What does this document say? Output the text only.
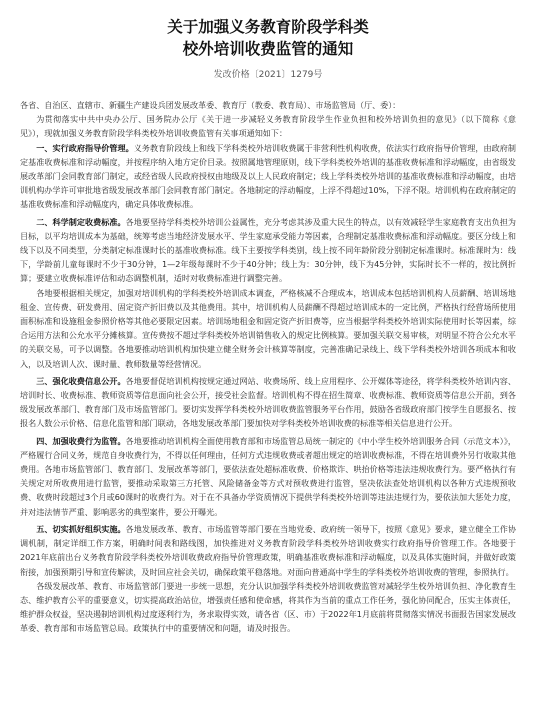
关于加强义务教育阶段学科类
校外培训收费监管的通知
发改价格〔2021〕1279号

各省、自治区、直辖市、新疆生产建设兵团发展改革委、教育厅（教委、教育局）、市场监管局（厅、委）：

为贯彻落实中共中央办公厅、国务院办公厅《关于进一步减轻义务教育阶段学生作业负担和校外培训负担的意见》（以下简称《意见》），现就加强义务教育阶段学科类校外培训收费监管有关事项通知如下：

一、实行政府指导价管理。义务教育阶段线上和线下学科类校外培训收费属于非营利性机构收费，依法实行政府指导价管理，由政府制定基准收费标准和浮动幅度，并按程序纳入地方定价目录。按照属地管理原则，线下学科类校外培训的基准收费标准和浮动幅度，由省级发展改革部门会同教育部门制定，或经省级人民政府授权由地级及以上人民政府制定；线上学科类校外培训的基准收费标准和浮动幅度，由培训机构办学许可审批地省级发展改革部门会同教育部门制定。各地制定的浮动幅度，上浮不得超过10%，下浮不限。培训机构在政府制定的基准收费标准和浮动幅度内，确定具体收费标准。

二、科学制定收费标准。各地要坚持学科类校外培训公益属性，充分考虑其涉及重大民生的特点，以有效减轻学生家庭教育支出负担为目标，以平均培训成本为基础，统筹考虑当地经济发展水平、学生家庭承受能力等因素，合理制定基准收费标准和浮动幅度。要区分线上和线下以及不同类型，分类制定标准课时长的基准收费标准。线下主要按学科类别，线上按不同年龄阶段分别制定标准课时。标准课时为：线下，学龄前儿童每课时不少于30分钟，1—2年级每课时不少于40分钟；线上为：30分钟，线下为45分钟，实际时长不一样的，按比例折算；要建立收费标准评估和动态调整机制，适时对收费标准进行调整完善。

各地要根据相关规定，加强对培训机构的学科类校外培训成本调查，严格核减不合理成本，培训成本包括培训机构人员薪酬、培训场地租金、宣传费、研发费用、固定资产折旧费以及其他费用。其中，培训机构人员薪酬不得超过培训成本的一定比例，严格执行经营场所使用面积标准和设施租金参照价格等其他必要限定因素。培训场地租金和固定资产折旧费等，应当根据学科类校外培训实际使用时长等因素，综合运用方法和公允水平分摊核算。宣传费按不超过学科类校外培训销售收入的规定比例核算。要加强关联交易审核，对明显不符合公允水平的关联交易，可予以调整。各地要推动培训机构加快建立健全财务会计核算等制度，完善准确记录线上、线下学科类校外培训各项成本和收入，以及培训人次、课时量、教师数量等经营情况。

三、强化收费信息公开。各地要督促培训机构按规定通过网站、收费场所、线上应用程序、公开媒体等途径，将学科类校外培训内容、培训时长、收费标准、教师资质等信息面向社会公开，接受社会监督。培训机构不得在招生简章、收费标准、教师资质等信息公开前，到各级发展改革部门、教育部门及市场监管部门。要切实发挥学科类校外培训收费监管服务平台作用，鼓励各省级政府部门按学生自愿报名、按报名人数公示价格、信息化监管和部门联动，各地发展改革部门要加快对学科类校外培训收费的标准等相关信息进行公开。

四、加强收费行为监管。各地要推动培训机构全面使用教育部和市场监管总局统一制定的《中小学生校外培训服务合同（示范文本）》，严格履行合同义务，规范自身收费行为，不得以任何理由，任何方式违规收费或者超出规定的培训收费标准，不得在培训费外另行收取其他费用。各地市场监管部门、教育部门、发展改革等部门，要依法查处超标准收费、价格欺诈、哄抬价格等违法违规收费行为。要严格执行有关规定对所收费用进行监管，要推动采取第三方托管、风险储备金等方式对预收费进行监管，坚决依法查处培训机构以各种方式违规预收费、收费时段超过3个月或60课时的收费行为。对于在不具备办学资质情况下提供学科类校外培训等违法违规行为，要依法加大惩处力度，并对违法情节严重、影响恶劣的典型案件，要公开曝光。

五、切实抓好组织实施。各地发展改革、教育、市场监管等部门要在当地党委、政府统一领导下，按照《意见》要求，建立健全工作协调机制，制定详细工作方案，明确时间表和路线图，加快推进对义务教育阶段学科类校外培训收费实行政府指导价管理工作。各地要于2021年底前出台义务教育阶段学科类校外培训收费政府指导价管理政策，明确基准收费标准和浮动幅度，以及具体实施时间，并做好政策衔接，加强预期引导和宣传解读，及时回应社会关切，确保政策平稳落地。对面向普通高中学生的学科类校外培训收费的管理，参照执行。

各级发展改革、教育、市场监管部门要进一步统一思想，充分认识加强学科类校外培训收费监管对减轻学生校外培训负担、净化教育生态、维护教育公平的重要意义，切实提高政治站位，增强责任感和使命感，将其作为当前的重点工作任务，强化协同配合，压实主体责任，维护群众权益，坚决遏制培训机构过度逐利行为，务求取得实效，请各省（区、市）于2022年1月底前将贯彻落实情况书面报告国家发展改革委、教育部和市场监管总局。政策执行中的重要情况和问题，请及时报告。
